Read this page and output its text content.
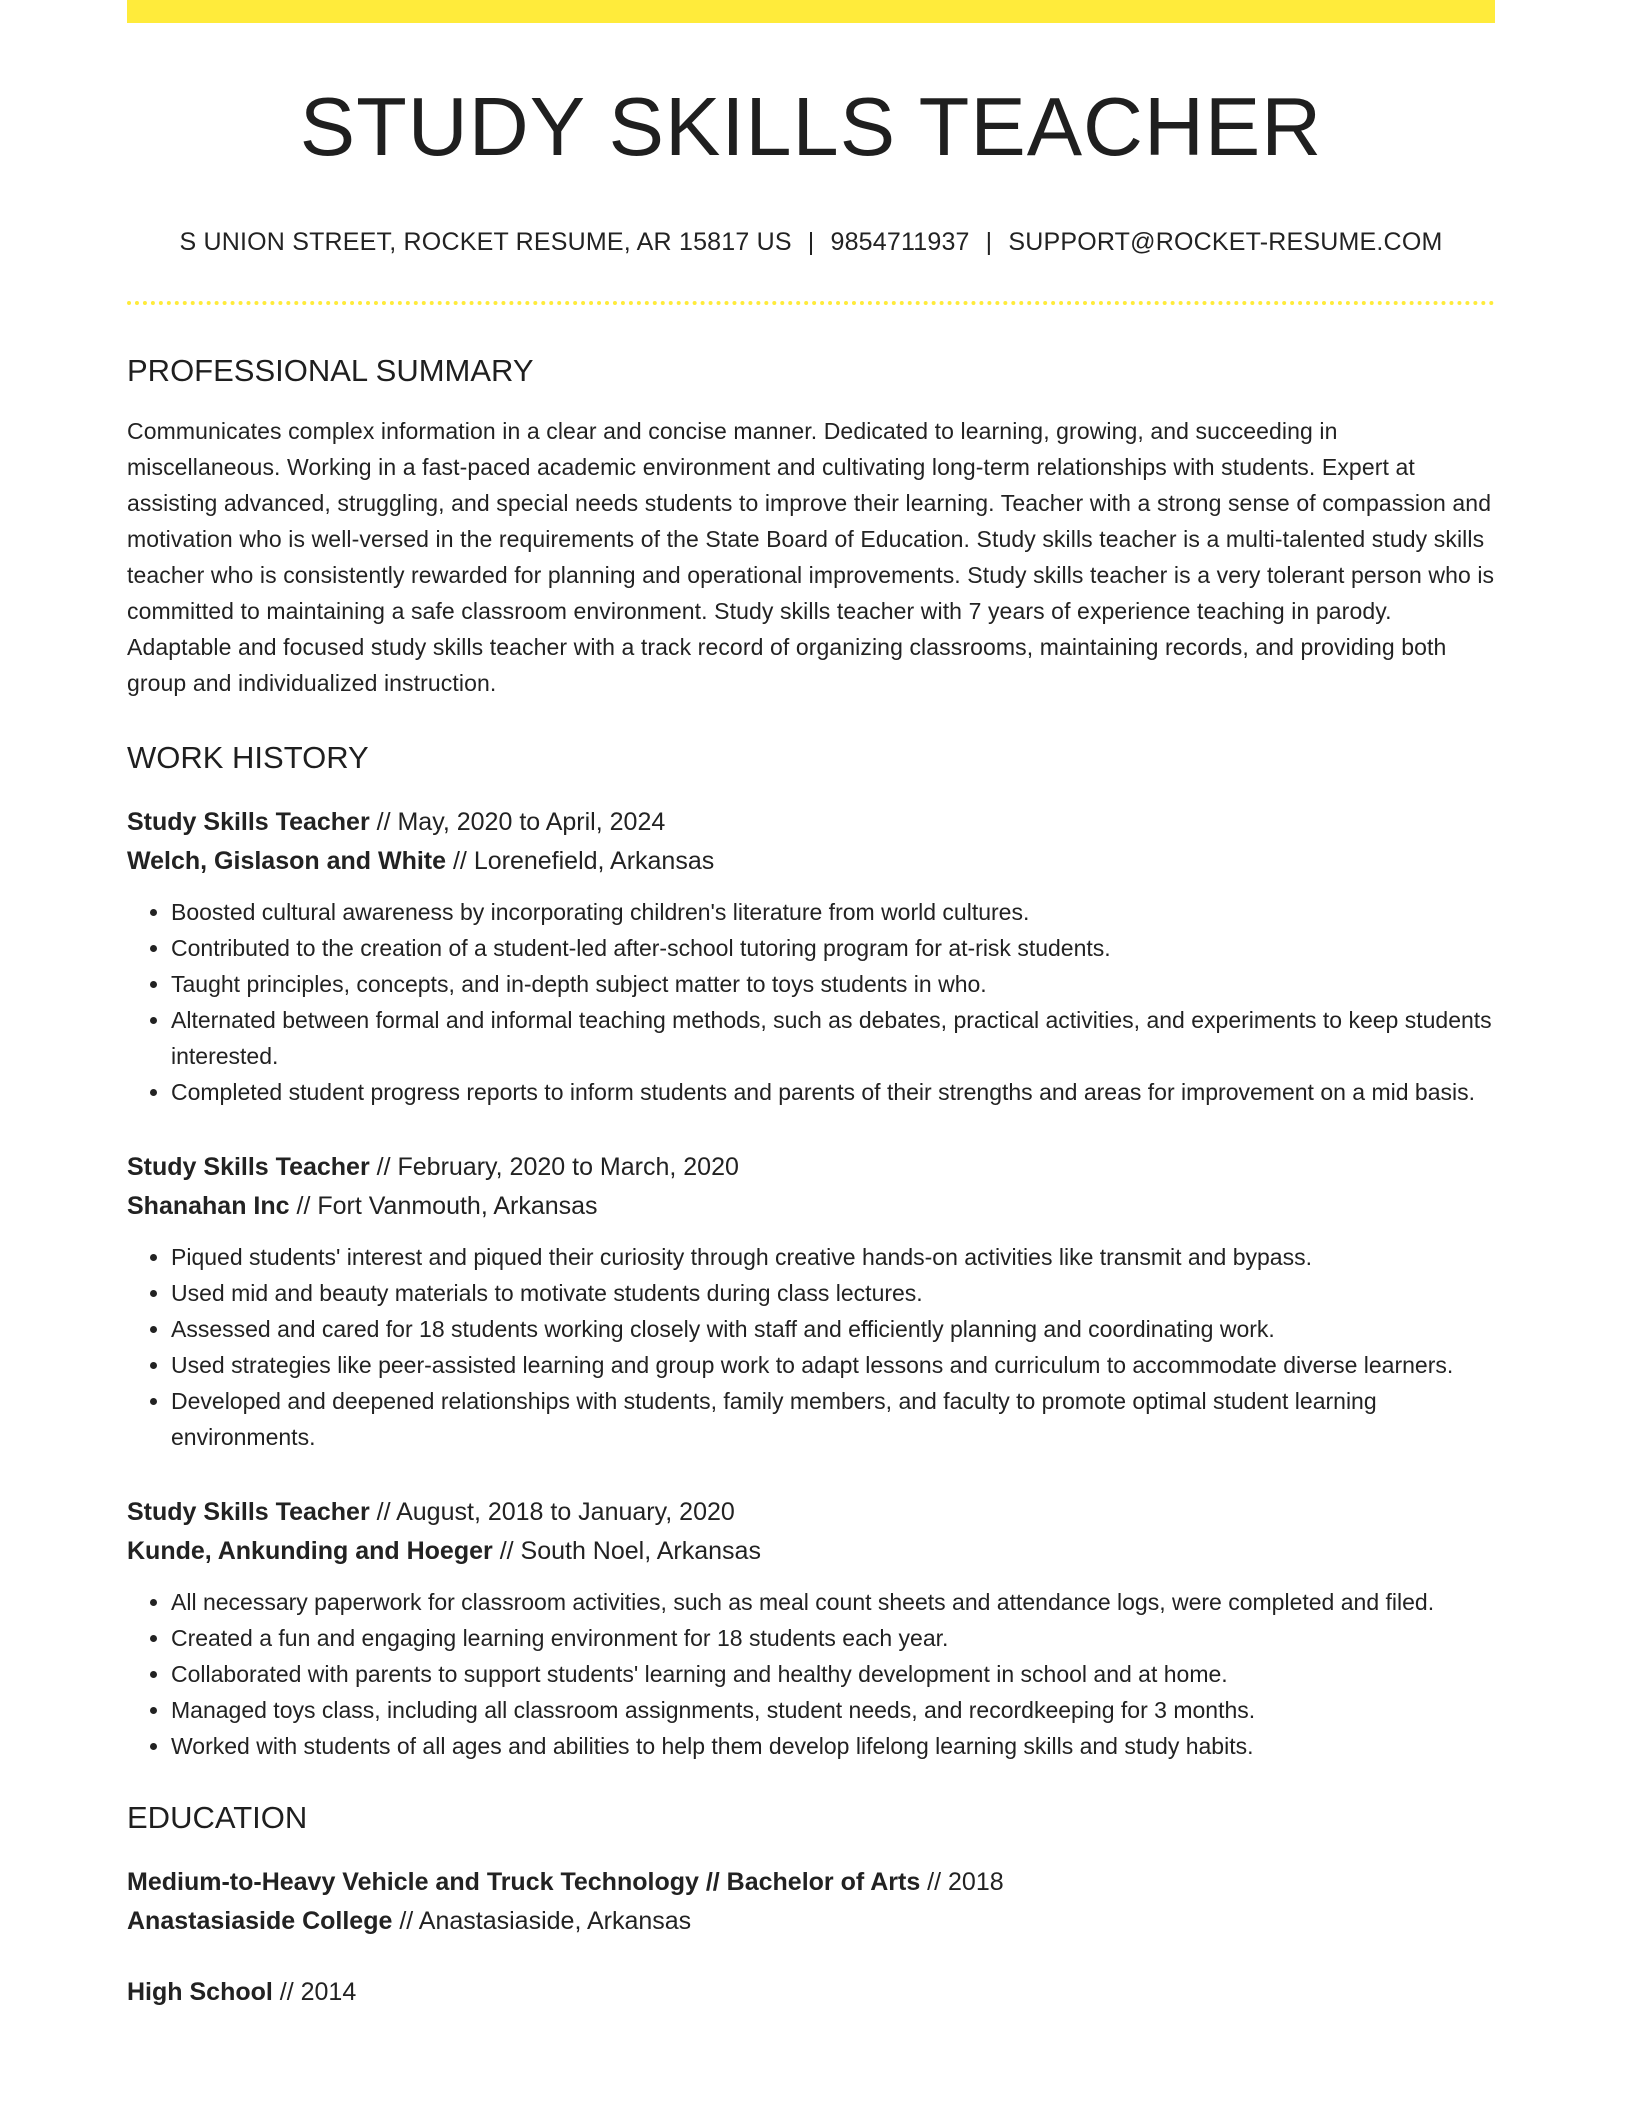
STUDY SKILLS TEACHER
S UNION STREET, ROCKET RESUME, AR 15817 US | 9854711937 | SUPPORT@ROCKET-RESUME.COM
PROFESSIONAL SUMMARY

Communicates complex information in a clear and concise manner. Dedicated to learning, growing, and succeeding in miscellaneous. Working in a fast-paced academic environment and cultivating long-term relationships with students. Expert at assisting advanced, struggling, and special needs students to improve their learning. Teacher with a strong sense of compassion and motivation who is well-versed in the requirements of the State Board of Education. Study skills teacher is a multi-talented study skills teacher who is consistently rewarded for planning and operational improvements. Study skills teacher is a very tolerant person who is committed to maintaining a safe classroom environment. Study skills teacher with 7 years of experience teaching in parody. Adaptable and focused study skills teacher with a track record of organizing classrooms, maintaining records, and providing both group and individualized instruction.

WORK HISTORY
Study Skills Teacher // May, 2020 to April, 2024
Welch, Gislason and White // Lorenefield, Arkansas
• Boosted cultural awareness by incorporating children's literature from world cultures.
• Contributed to the creation of a student-led after-school tutoring program for at-risk students.
• Taught principles, concepts, and in-depth subject matter to toys students in who.
• Alternated between formal and informal teaching methods, such as debates, practical activities, and experiments to keep students interested.
• Completed student progress reports to inform students and parents of their strengths and areas for improvement on a mid basis.
Study Skills Teacher // February, 2020 to March, 2020
Shanahan Inc // Fort Vanmouth, Arkansas
• Piqued students' interest and piqued their curiosity through creative hands-on activities like transmit and bypass.
• Used mid and beauty materials to motivate students during class lectures.
• Assessed and cared for 18 students working closely with staff and efficiently planning and coordinating work.
• Used strategies like peer-assisted learning and group work to adapt lessons and curriculum to accommodate diverse learners.
• Developed and deepened relationships with students, family members, and faculty to promote optimal student learning environments.
Study Skills Teacher // August, 2018 to January, 2020
Kunde, Ankunding and Hoeger // South Noel, Arkansas
• All necessary paperwork for classroom activities, such as meal count sheets and attendance logs, were completed and filed.
• Created a fun and engaging learning environment for 18 students each year.
• Collaborated with parents to support students' learning and healthy development in school and at home.
• Managed toys class, including all classroom assignments, student needs, and recordkeeping for 3 months.
• Worked with students of all ages and abilities to help them develop lifelong learning skills and study habits.
EDUCATION
Medium-to-Heavy Vehicle and Truck Technology // Bachelor of Arts // 2018
Anastasiaside College // Anastasiaside, Arkansas
High School // 2014
